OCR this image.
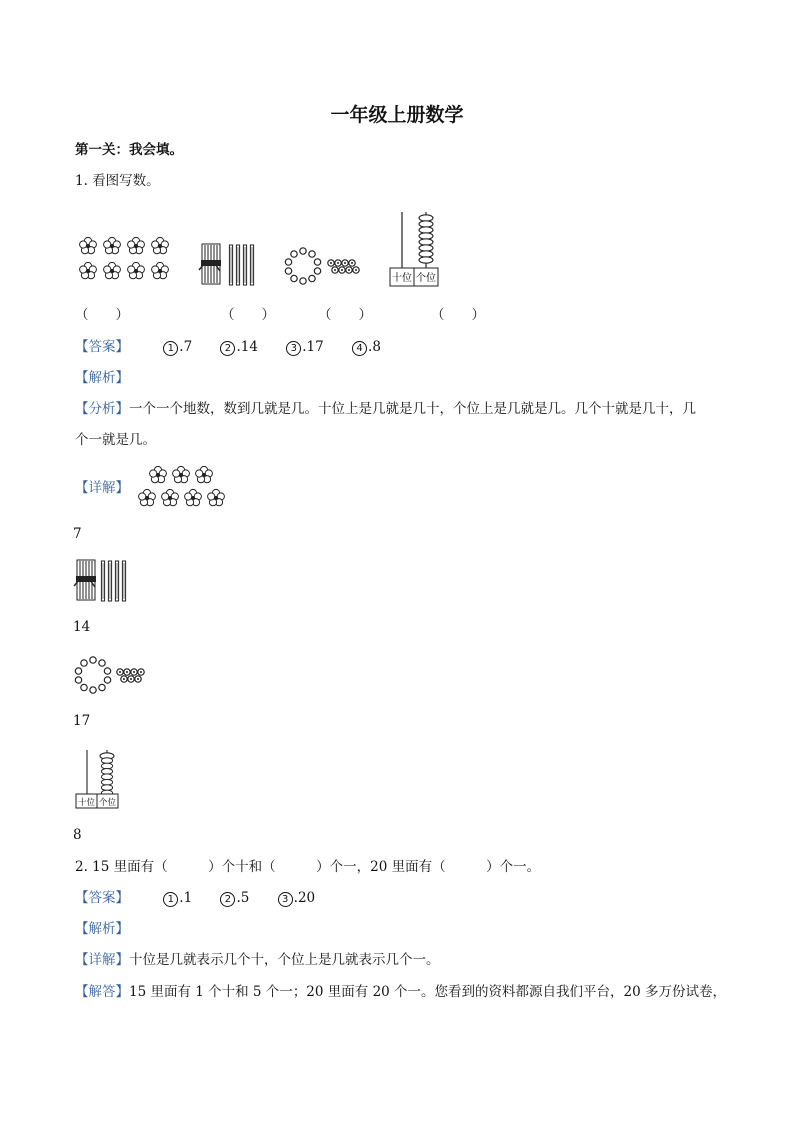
一年级上册数学
第一关：我会填。
1. 看图写数。
十位 个位
（　　）	（　　）	（　　）	（　　）
【答案】	1 .7	2 .14	3 .17	4 .8
【解析】
【分析】一个一个地数，数到几就是几。十位上是几就是几十，个位上是几就是几。几个十就是几十，几
个一就是几。
【详解】
7
14
17
十位 个位
8
2. 15 里面有（　　　）个十和（　　　）个一，20 里面有（　　　）个一。
【答案】	1 .1	2 .5	3 .20
【解析】
【详解】十位是几就表示几个十，个位上是几就表示几个一。
【解答】15 里面有 1 个十和 5 个一；20 里面有 20 个一。您看到的资料都源自我们平台，20 多万份试卷，
